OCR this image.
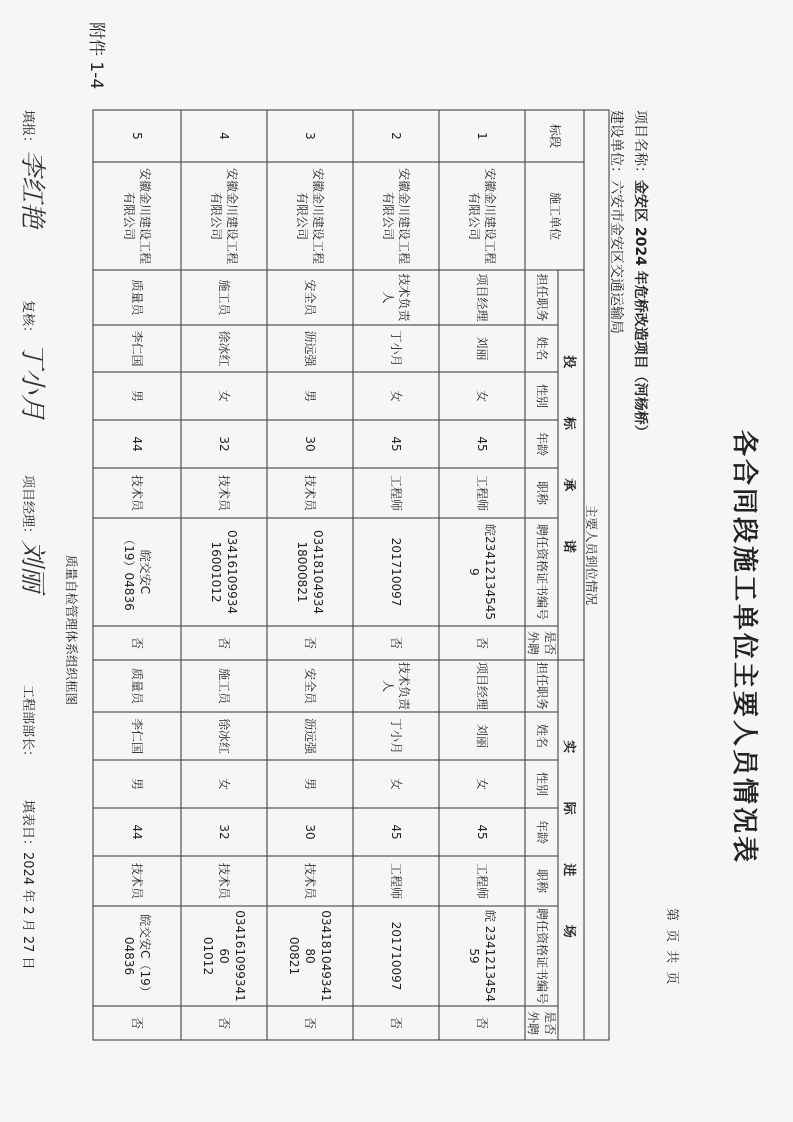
附件 1-4
各合同段施工单位主要人员情况表
第 页 共 页
项目名称：金安区 2024 年危桥改造项目（河杨桥）
建设单位：六安市金安区交通运输局
主要人员到位情况
投 标 承 诺
实 际 进 场
标段
施工单位
担任职务
姓名
性别
年龄
职称
聘任资格证书编号
是否外聘
担任职务
姓名
性别
年龄
职称
聘任资格证书编号
是否外聘
1
安徽金川建设工程有限公司
项目经理
刘丽
女
45
工程师
皖23412134545
9
否
项目经理
刘丽
女
45
工程师
皖 234121345459
否
2
安徽金川建设工程有限公司
技术负责人
丁小月
女
45
工程师
201710097
否
技术负责人
丁小月
女
45
工程师
201710097
否
3
安徽金川建设工程有限公司
安全员
沥远强
男
30
技术员
03418104934
18000821
否
安全员
沥远强
男
30
技术员
03418104934180
00821
否
4
安徽金川建设工程有限公司
施工员
徐冰红
女
32
技术员
03416109934
16001012
否
施工员
徐冰红
女
32
技术员
03416109934160
01012
否
5
安徽金川建设工程有限公司
质量员
李仁国
男
44
技术员
皖交安C
（19）04836
否
质量员
李仁国
男
44
技术员
皖交安C（19）
04836
否
质量自检管理体系组织框图
填报：
李红艳
复核：
丁小月
项目经理：
刘丽
工程部部长：
填表日：2024 年 2 月 27 日
